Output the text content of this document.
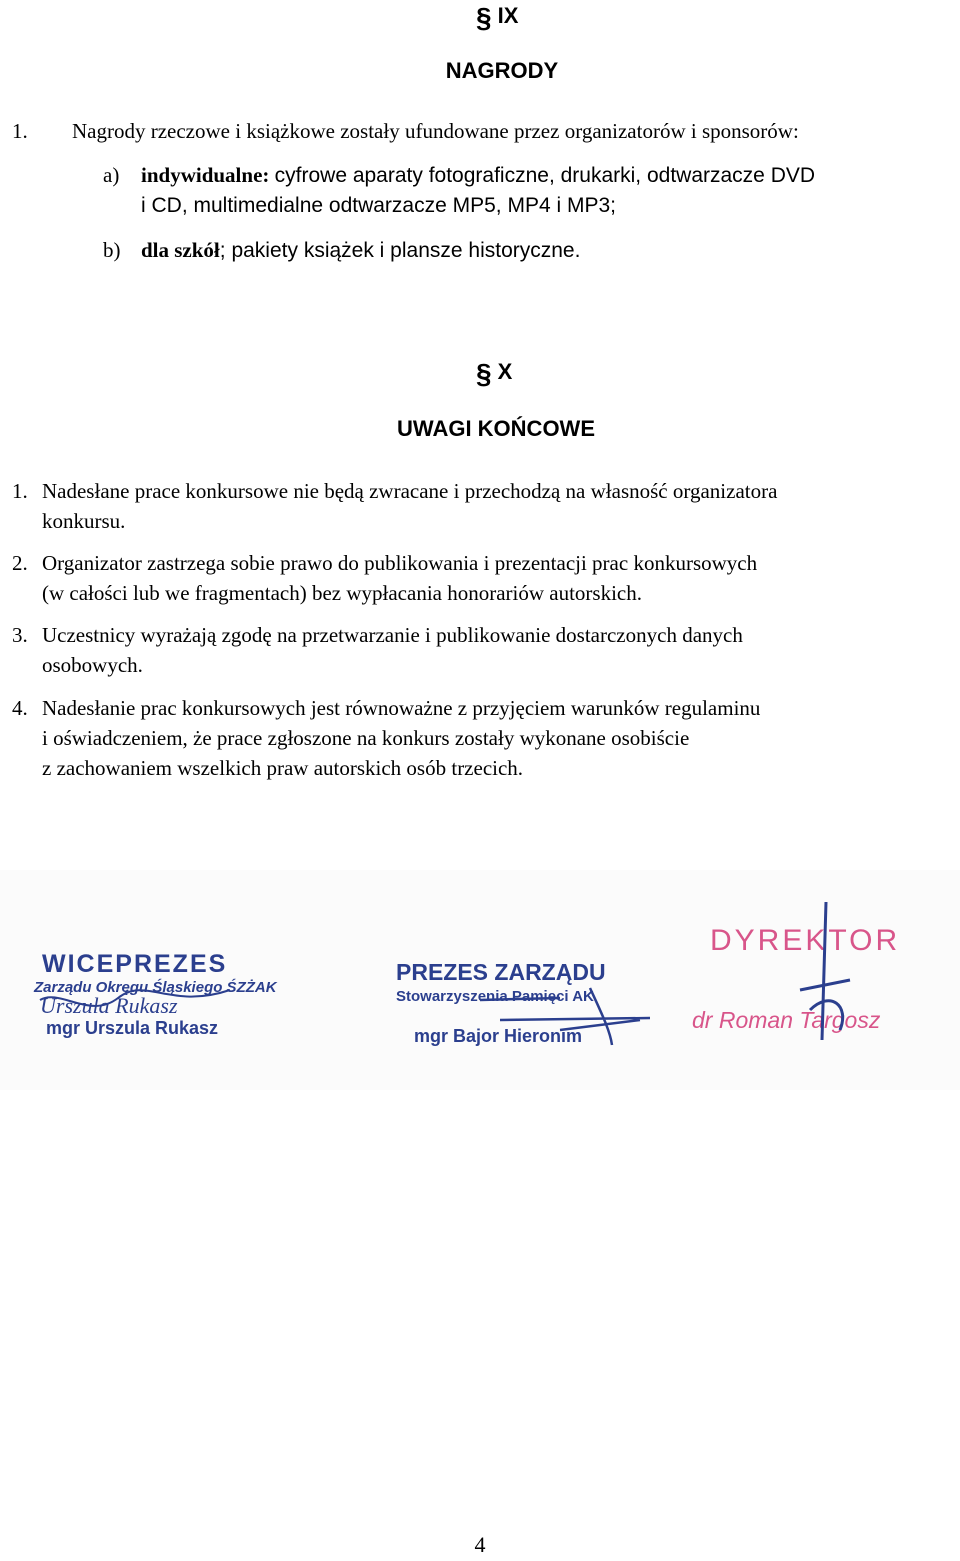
§ IX
NAGRODY
1. Nagrody rzeczowe i książkowe zostały ufundowane przez organizatorów i sponsorów:
a) indywidualne: cyfrowe aparaty fotograficzne, drukarki, odtwarzacze DVD
i CD, multimedialne odtwarzacze MP5, MP4 i MP3;
b) dla szkół; pakiety książek i plansze historyczne.
§ X
UWAGI KOŃCOWE
1. Nadesłane prace konkursowe nie będą zwracane i przechodzą na własność organizatora
konkursu.
2. Organizator zastrzega sobie prawo do publikowania i prezentacji prac konkursowych
(w całości lub we fragmentach) bez wypłacania honorariów autorskich.
3. Uczestnicy wyrażają zgodę na przetwarzanie i publikowanie dostarczonych danych
osobowych.
4. Nadesłanie prac konkursowych jest równoważne z przyjęciem warunków regulaminu
i oświadczeniem, że prace zgłoszone na konkurs zostały wykonane osobiście
z zachowaniem wszelkich praw autorskich osób trzecich.
WICEPREZES
Zarządu Okręgu Śląskiego ŚZŻAK
Urszula Rukasz
mgr Urszula Rukasz
PREZES ZARZĄDU
Stowarzyszenia Pamięci AK
mgr Bajor Hieronim
DYREKTOR
dr Roman Targosz
4
